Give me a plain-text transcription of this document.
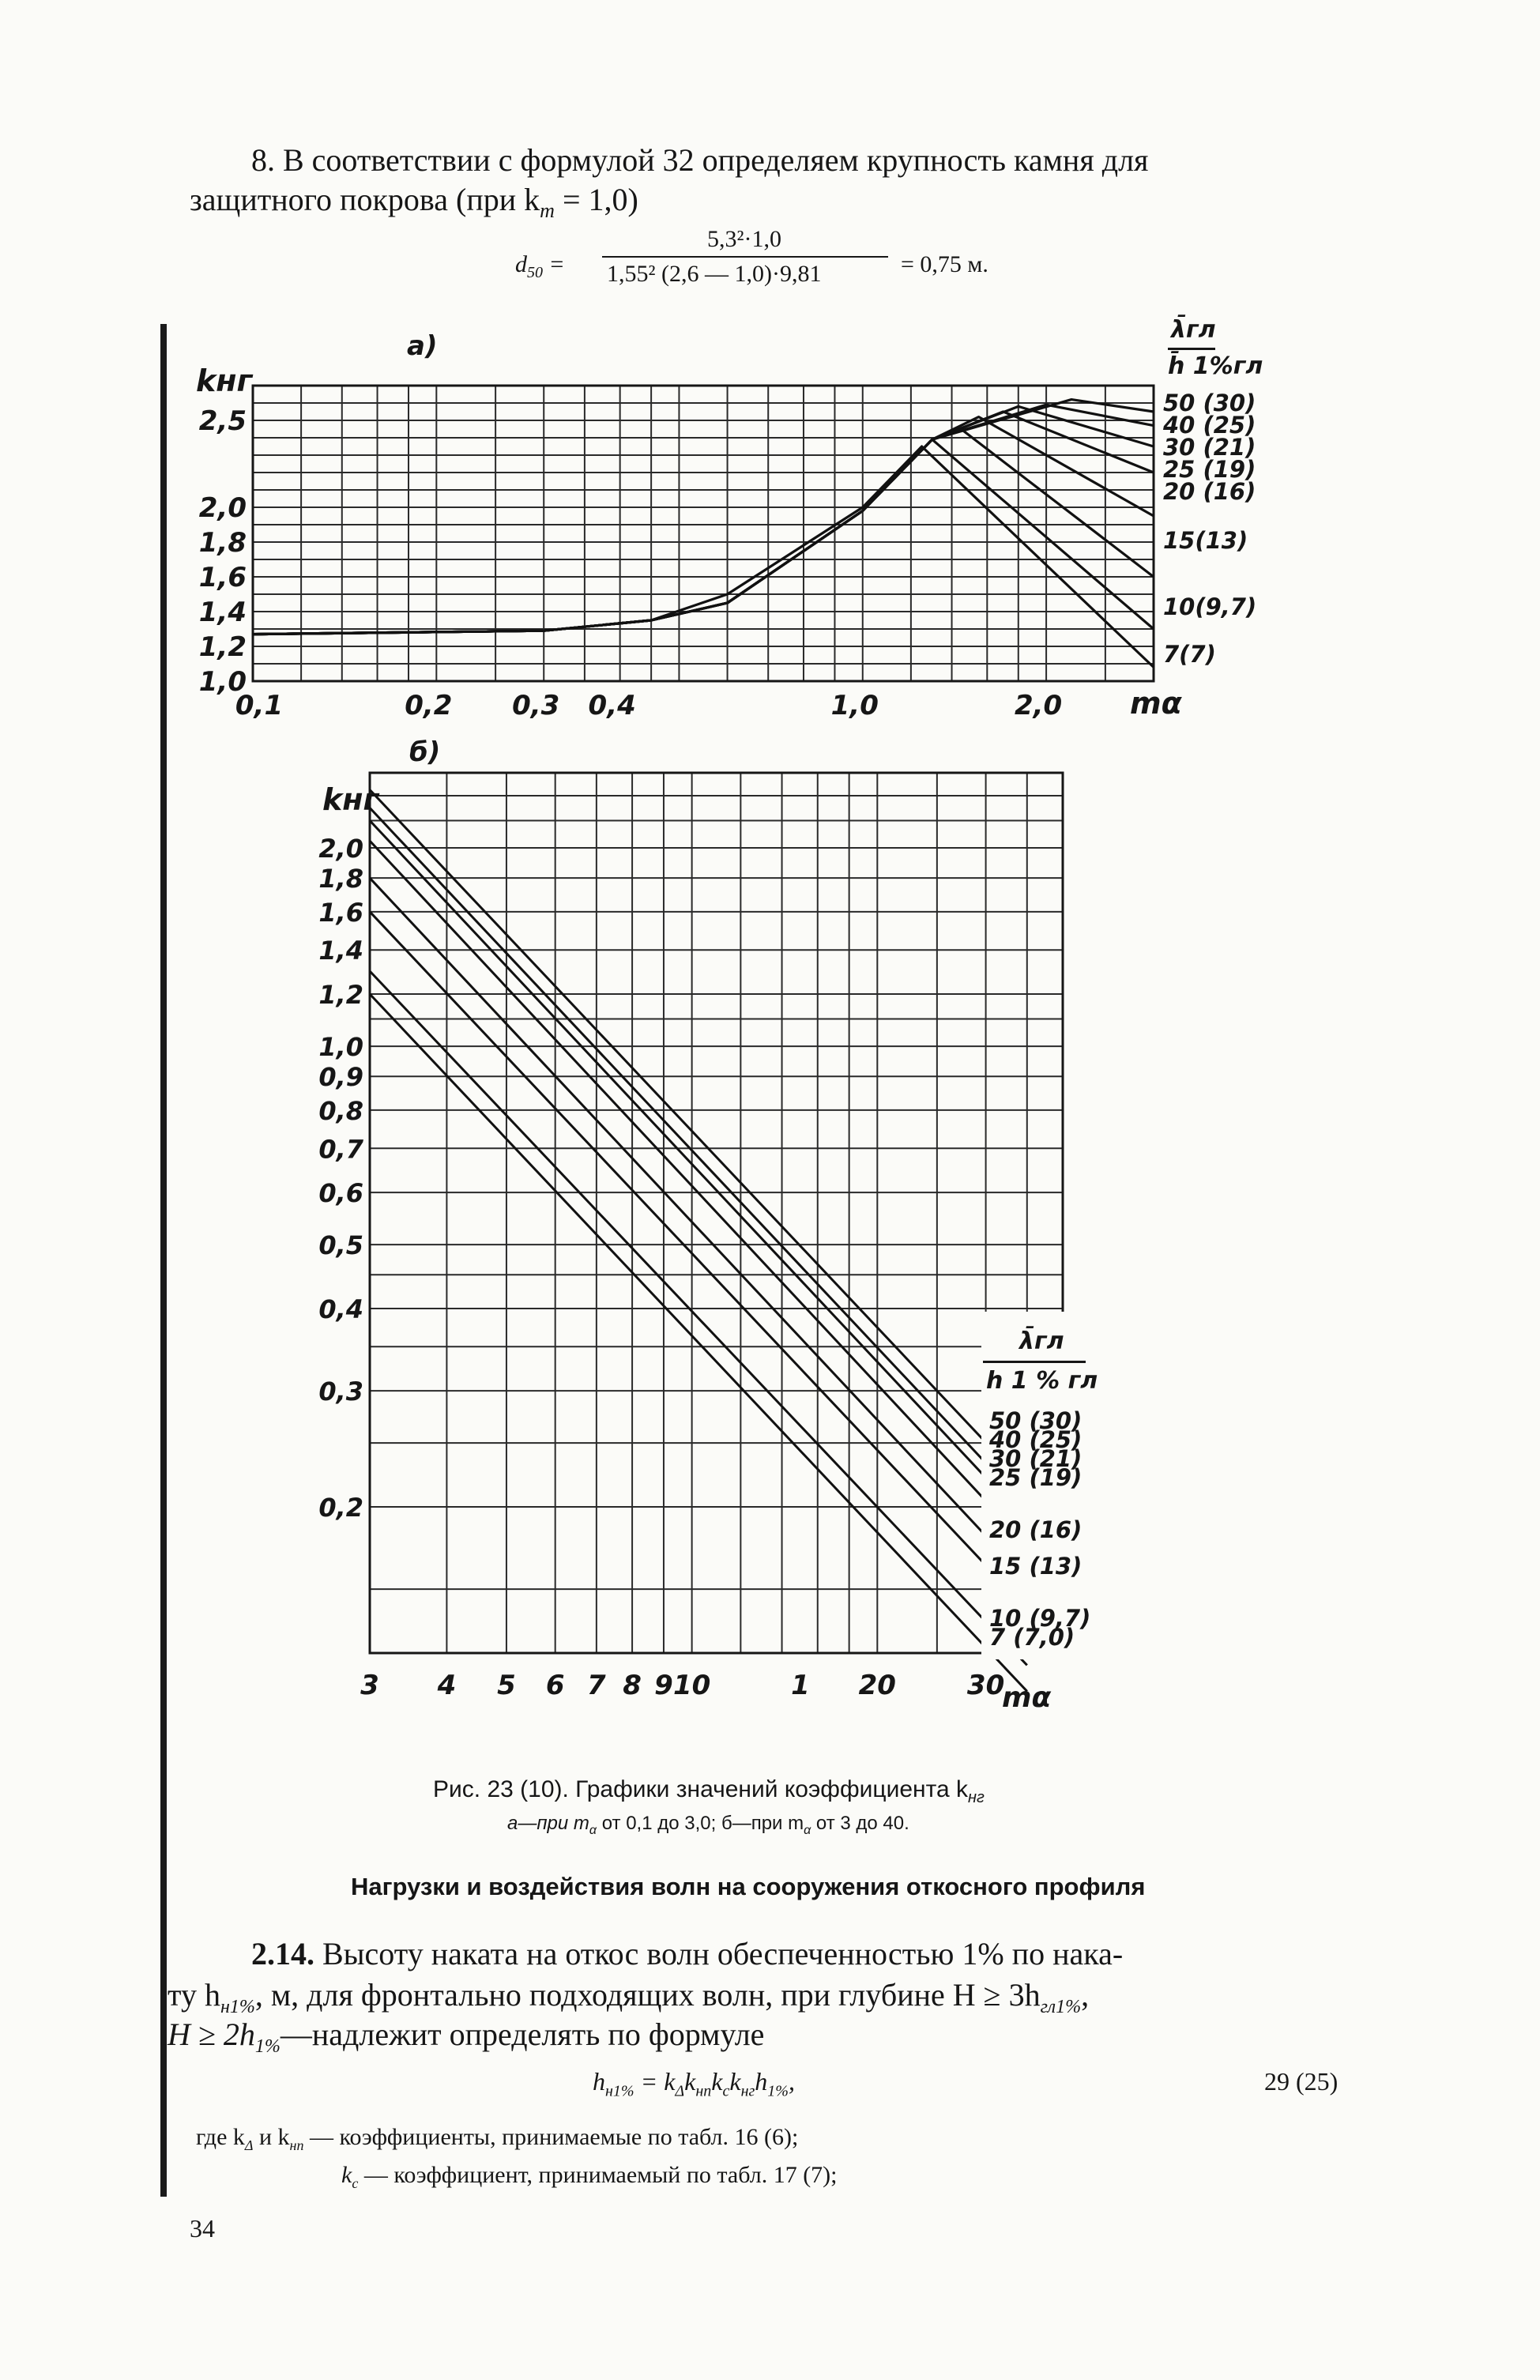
8. В соответствии с формулой 32 определяем крупность камня для
защитного покрова (при $k_m = 1,0$)
$d_{50}$ =
5,3²·1,0
1,55² (2,6 — 1,0)·9,81	= 0,75 м.
2,5
2,0
1,8
1,6
1,4
1,2
1,0
0,1	0,2 0,3 0,4	1,0	2,0
50 (30)
40 (25)
30 (21)
25 (19)
20 (16)
15(13)
10(9,7)
7(7)
2,0
1,8
1,6
1,4
1,2
1,0
0,9
0,8
0,7
0,6
0,5
0,4
0,3
0,2
3 4 5 6 7 8 9 10	1 20	30
50 (30)
40 (25)
30 (21)
25 (19)
20 (16)
15 (13)
10 (9,7)
7 (7,0)
а)
kнг
mα
λ̄гл
h̄ 1%гл
б)
kнг
mα
λ̄гл
h 1 % гл
Рис. 23 (10). Графики значений коэффициента $k_{нг}$
а—при $m_\alpha$ от 0,1 до 3,0; б—при $m_\alpha$ от 3 до 40.
Нагрузки и воздействия волн на сооружения откосного профиля
2.14. Высоту наката на откос волн обеспеченностью 1% по нака-
ту $h_{н1\%}$, м, для фронтально подходящих волн, при глубине $H \ge 3h_{гл1\%}$,
$H \ge 2h_{1\%}—надлежит$ определять по формуле
$h_{н1\%} = k_\Delta k_{нп}k_сk_{нг}h_{1\%}$,	29 (25)
где $k_\Delta$ и $k_{нп}$ — коэффициенты, принимаемые по табл. 16 (6);
$k_с$ — коэффициент, принимаемый по табл. 17 (7);
34
